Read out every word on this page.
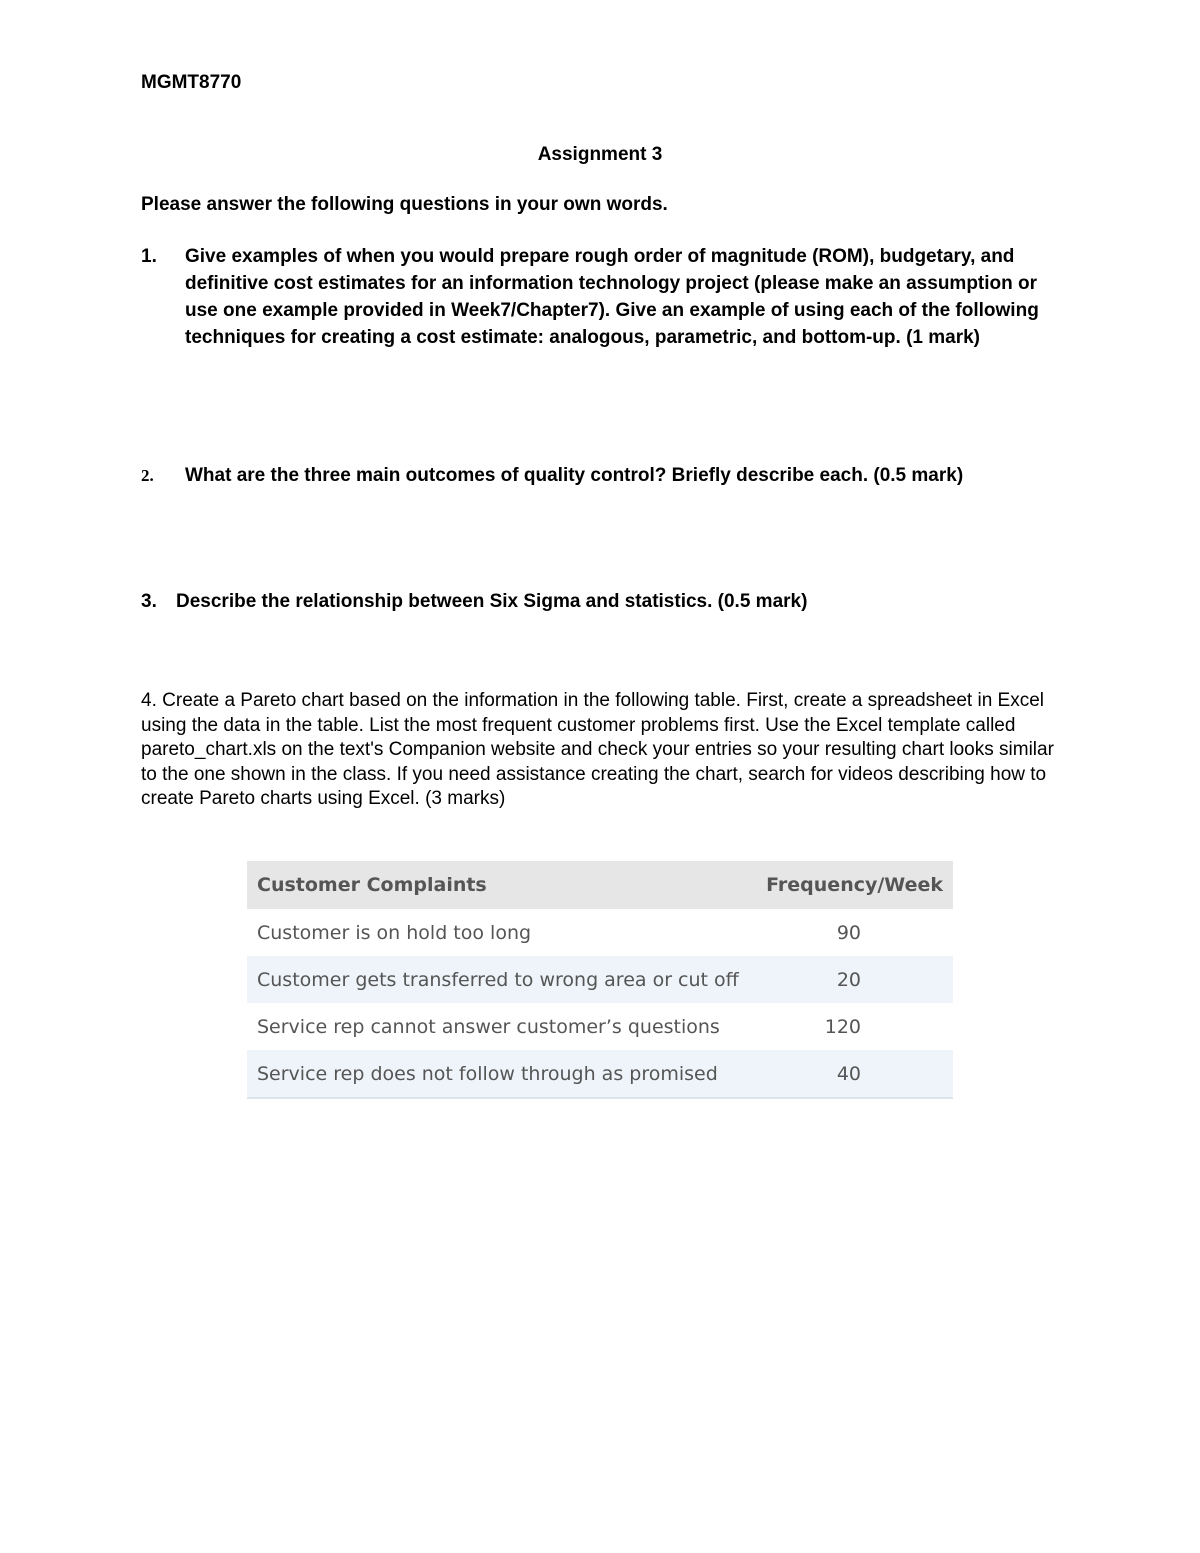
MGMT8770
Assignment 3
Please answer the following questions in your own words.
1. Give examples of when you would prepare rough order of magnitude (ROM), budgetary, and definitive cost estimates for an information technology project (please make an assumption or use one example provided in Week7/Chapter7). Give an example of using each of the following techniques for creating a cost estimate: analogous, parametric, and bottom-up. (1 mark)
2. What are the three main outcomes of quality control? Briefly describe each. (0.5 mark)
3. Describe the relationship between Six Sigma and statistics. (0.5 mark)
4. Create a Pareto chart based on the information in the following table. First, create a spreadsheet in Excel using the data in the table. List the most frequent customer problems first. Use the Excel template called pareto_chart.xls on the text's Companion website and check your entries so your resulting chart looks similar to the one shown in the class. If you need assistance creating the chart, search for videos describing how to create Pareto charts using Excel. (3 marks)
Customer Complaints	Frequency/Week
Customer is on hold too long	90
Customer gets transferred to wrong area or cut off	20
Service rep cannot answer customer’s questions	120
Service rep does not follow through as promised	40
